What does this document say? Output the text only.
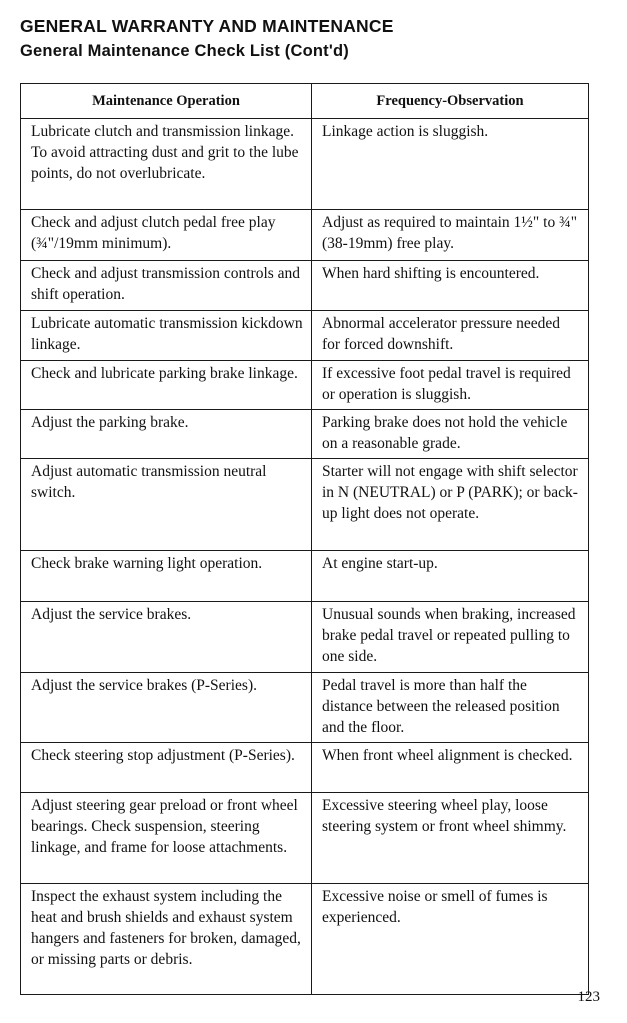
GENERAL WARRANTY AND MAINTENANCE
General Maintenance Check List (Cont'd)
Maintenance Operation	Frequency-Observation
Lubricate clutch and transmission linkage. To avoid attracting dust and grit to the lube points, do not overlubricate.	Linkage action is sluggish.
Check and adjust clutch pedal free play (¾"/19mm minimum).	Adjust as required to maintain 1½" to ¾" (38-19mm) free play.
Check and adjust transmission controls and shift operation.	When hard shifting is encountered.
Lubricate automatic transmission kickdown linkage.	Abnormal accelerator pressure needed for forced downshift.
Check and lubricate parking brake linkage.	If excessive foot pedal travel is required or operation is sluggish.
Adjust the parking brake.	Parking brake does not hold the vehicle on a reasonable grade.
Adjust automatic transmission neutral switch.	Starter will not engage with shift selector in N (NEUTRAL) or P (PARK); or back-up light does not operate.
Check brake warning light operation.	At engine start-up.
Adjust the service brakes.	Unusual sounds when braking, increased brake pedal travel or repeated pulling to one side.
Adjust the service brakes (P-Series).	Pedal travel is more than half the distance between the released position and the floor.
Check steering stop adjustment (P-Series).	When front wheel alignment is checked.
Adjust steering gear preload or front wheel bearings. Check suspension, steering linkage, and frame for loose attachments.	Excessive steering wheel play, loose steering system or front wheel shimmy.
Inspect the exhaust system including the heat and brush shields and exhaust system hangers and fasteners for broken, damaged, or missing parts or debris.	Excessive noise or smell of fumes is experienced.
123
